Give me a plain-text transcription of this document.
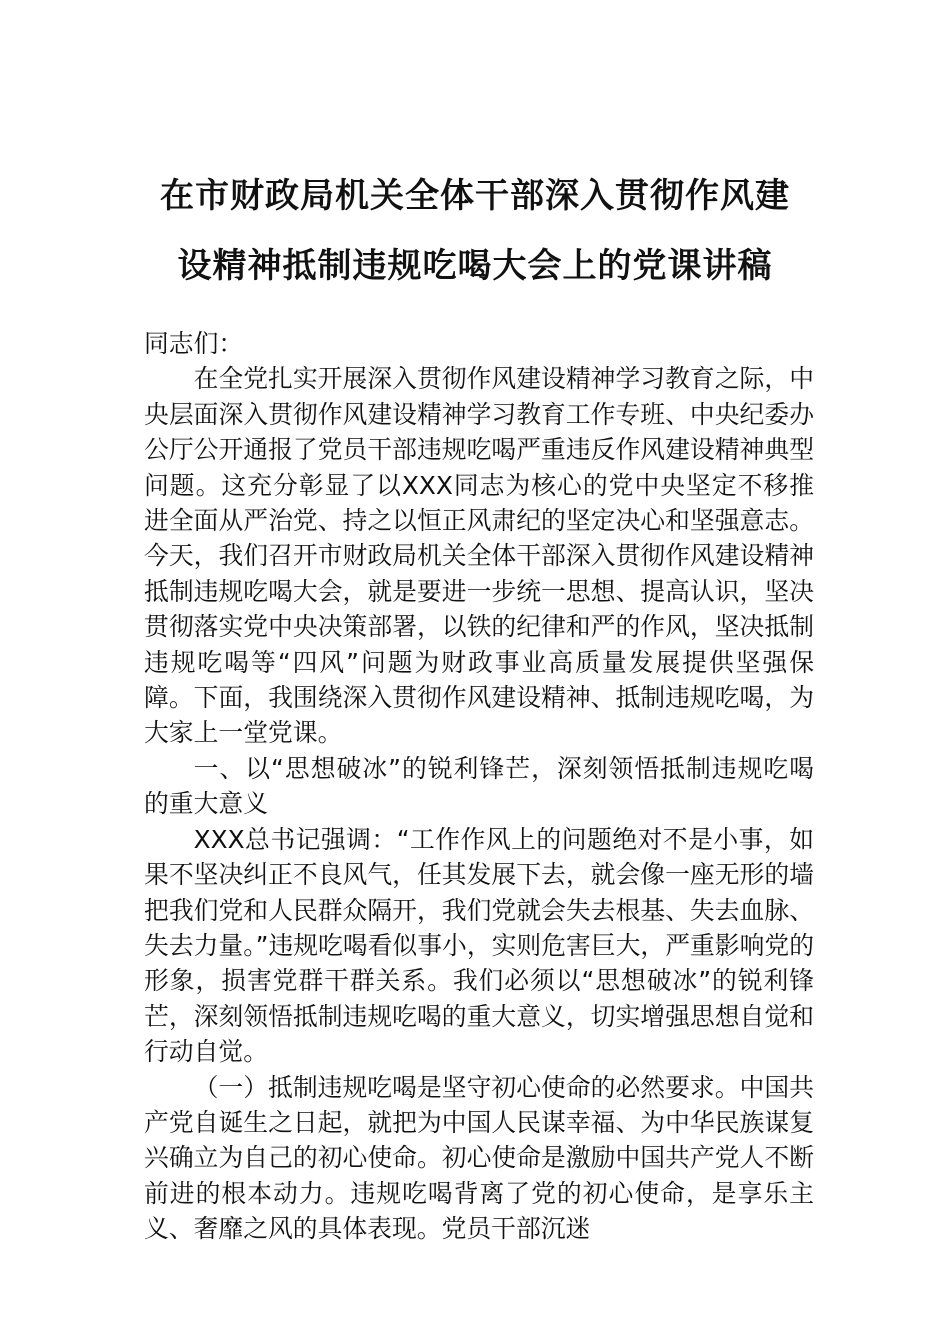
在市财政局机关全体干部深入贯彻作风建
设精神抵制违规吃喝大会上的党课讲稿

同志们：

在全党扎实开展深入贯彻作风建设精神学习教育之际，中央层面深入贯彻作风建设精神学习教育工作专班、中央纪委办公厅公开通报了党员干部违规吃喝严重违反作风建设精神典型问题。这充分彰显了以XXX同志为核心的党中央坚定不移推进全面从严治党、持之以恒正风肃纪的坚定决心和坚强意志。今天，我们召开市财政局机关全体干部深入贯彻作风建设精神抵制违规吃喝大会，就是要进一步统一思想、提高认识，坚决贯彻落实党中央决策部署，以铁的纪律和严的作风，坚决抵制违规吃喝等“四风”问题为财政事业高质量发展提供坚强保障。下面，我围绕深入贯彻作风建设精神、抵制违规吃喝，为大家上一堂党课。

一、以“思想破冰”的锐利锋芒，深刻领悟抵制违规吃喝的重大意义

XXX总书记强调：“工作作风上的问题绝对不是小事，如果不坚决纠正不良风气，任其发展下去，就会像一座无形的墙把我们党和人民群众隔开，我们党就会失去根基、失去血脉、失去力量。”违规吃喝看似事小，实则危害巨大，严重影响党的形象，损害党群干群关系。我们必须以“思想破冰”的锐利锋芒，深刻领悟抵制违规吃喝的重大意义，切实增强思想自觉和行动自觉。

（一）抵制违规吃喝是坚守初心使命的必然要求。中国共产党自诞生之日起，就把为中国人民谋幸福、为中华民族谋复兴确立为自己的初心使命。初心使命是激励中国共产党人不断前进的根本动力。违规吃喝背离了党的初心使命，是享乐主义、奢靡之风的具体表现。党员干部沉迷
